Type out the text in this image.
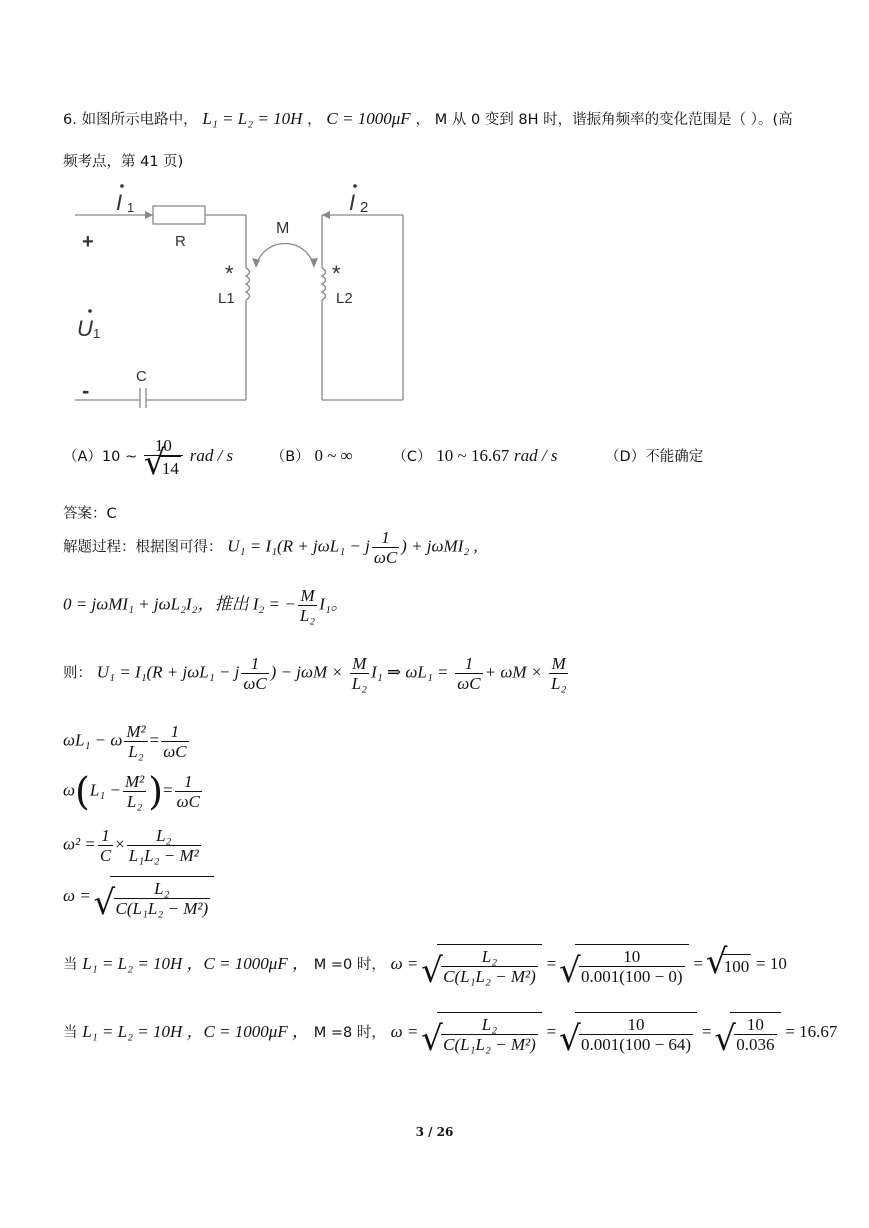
6. 如图所示电路中， L₁ = L₂ = 10H ， C = 1000μF ， M 从 0 变到 8H 时，谐振角频率的变化范围是（ ）。(高
频考点，第 41 页)
I 1	I 2
+	R
M
*
L1
*
L2
U 1
C
-
（A）10 ~ 10
√ 14 rad / s	（B） 0 ~ ∞	（C） 10 ~ 16.67 rad / s	（D）不能确定
答案：C
解题过程：根据图可得： U₁ = I₁(R + jωL₁ − j $\frac{1}{\omega C}$ ) + jωMI₂ ,
0 = jωMI₁ + jωL₂I₂，推出 I₂ = − $\frac{M}{\text{L₂}} I_1$。
则： U₁ = I₁(R + jωL₁ − j $\frac{1}{\omega C}$ ) − $j\omega M \times \frac{M}{\text{L₂}} I_1$ ⇒ $\omega L_1 = \frac{1}{\omega C} + \omega M \times \frac{M}{\text{L₂}}$
ωL₁ − ω $\frac{\text{M²}}{\text{L₂}} = \frac{1}{\omega C}$
$\omega(L_1 - \frac{\text{M²}}{\text{L₂}}$ )= $\frac{1}{\omega C}$
$\omega^2 = \frac{1}{C} \times \frac{\text{L₂}}{\text{L₁L₂ − M²}}$
ω = √ $\frac{\text{L₂}}{\text{C(L₁L₂ − M²)}}$
当 L₁ = L₂ = 10H ，C = 1000μF ， M =0 时， ω = √ $\frac{\text{L₂}}{\text{C(L₁L₂ − M²)}}$ = √ $\frac{10}{0.001(100 - 0)}$ = √ 100 = 10
当 L₁ = L₂ = 10H ，C = 1000μF ， M =8 时， ω = √ $\frac{\text{L₂}}{\text{C(L₁L₂ − M²)}}$ = √ $\frac{10}{0.001(100 - 64)}$ = √ $\frac{10}{0.036} = 16.67$
3 / 26
